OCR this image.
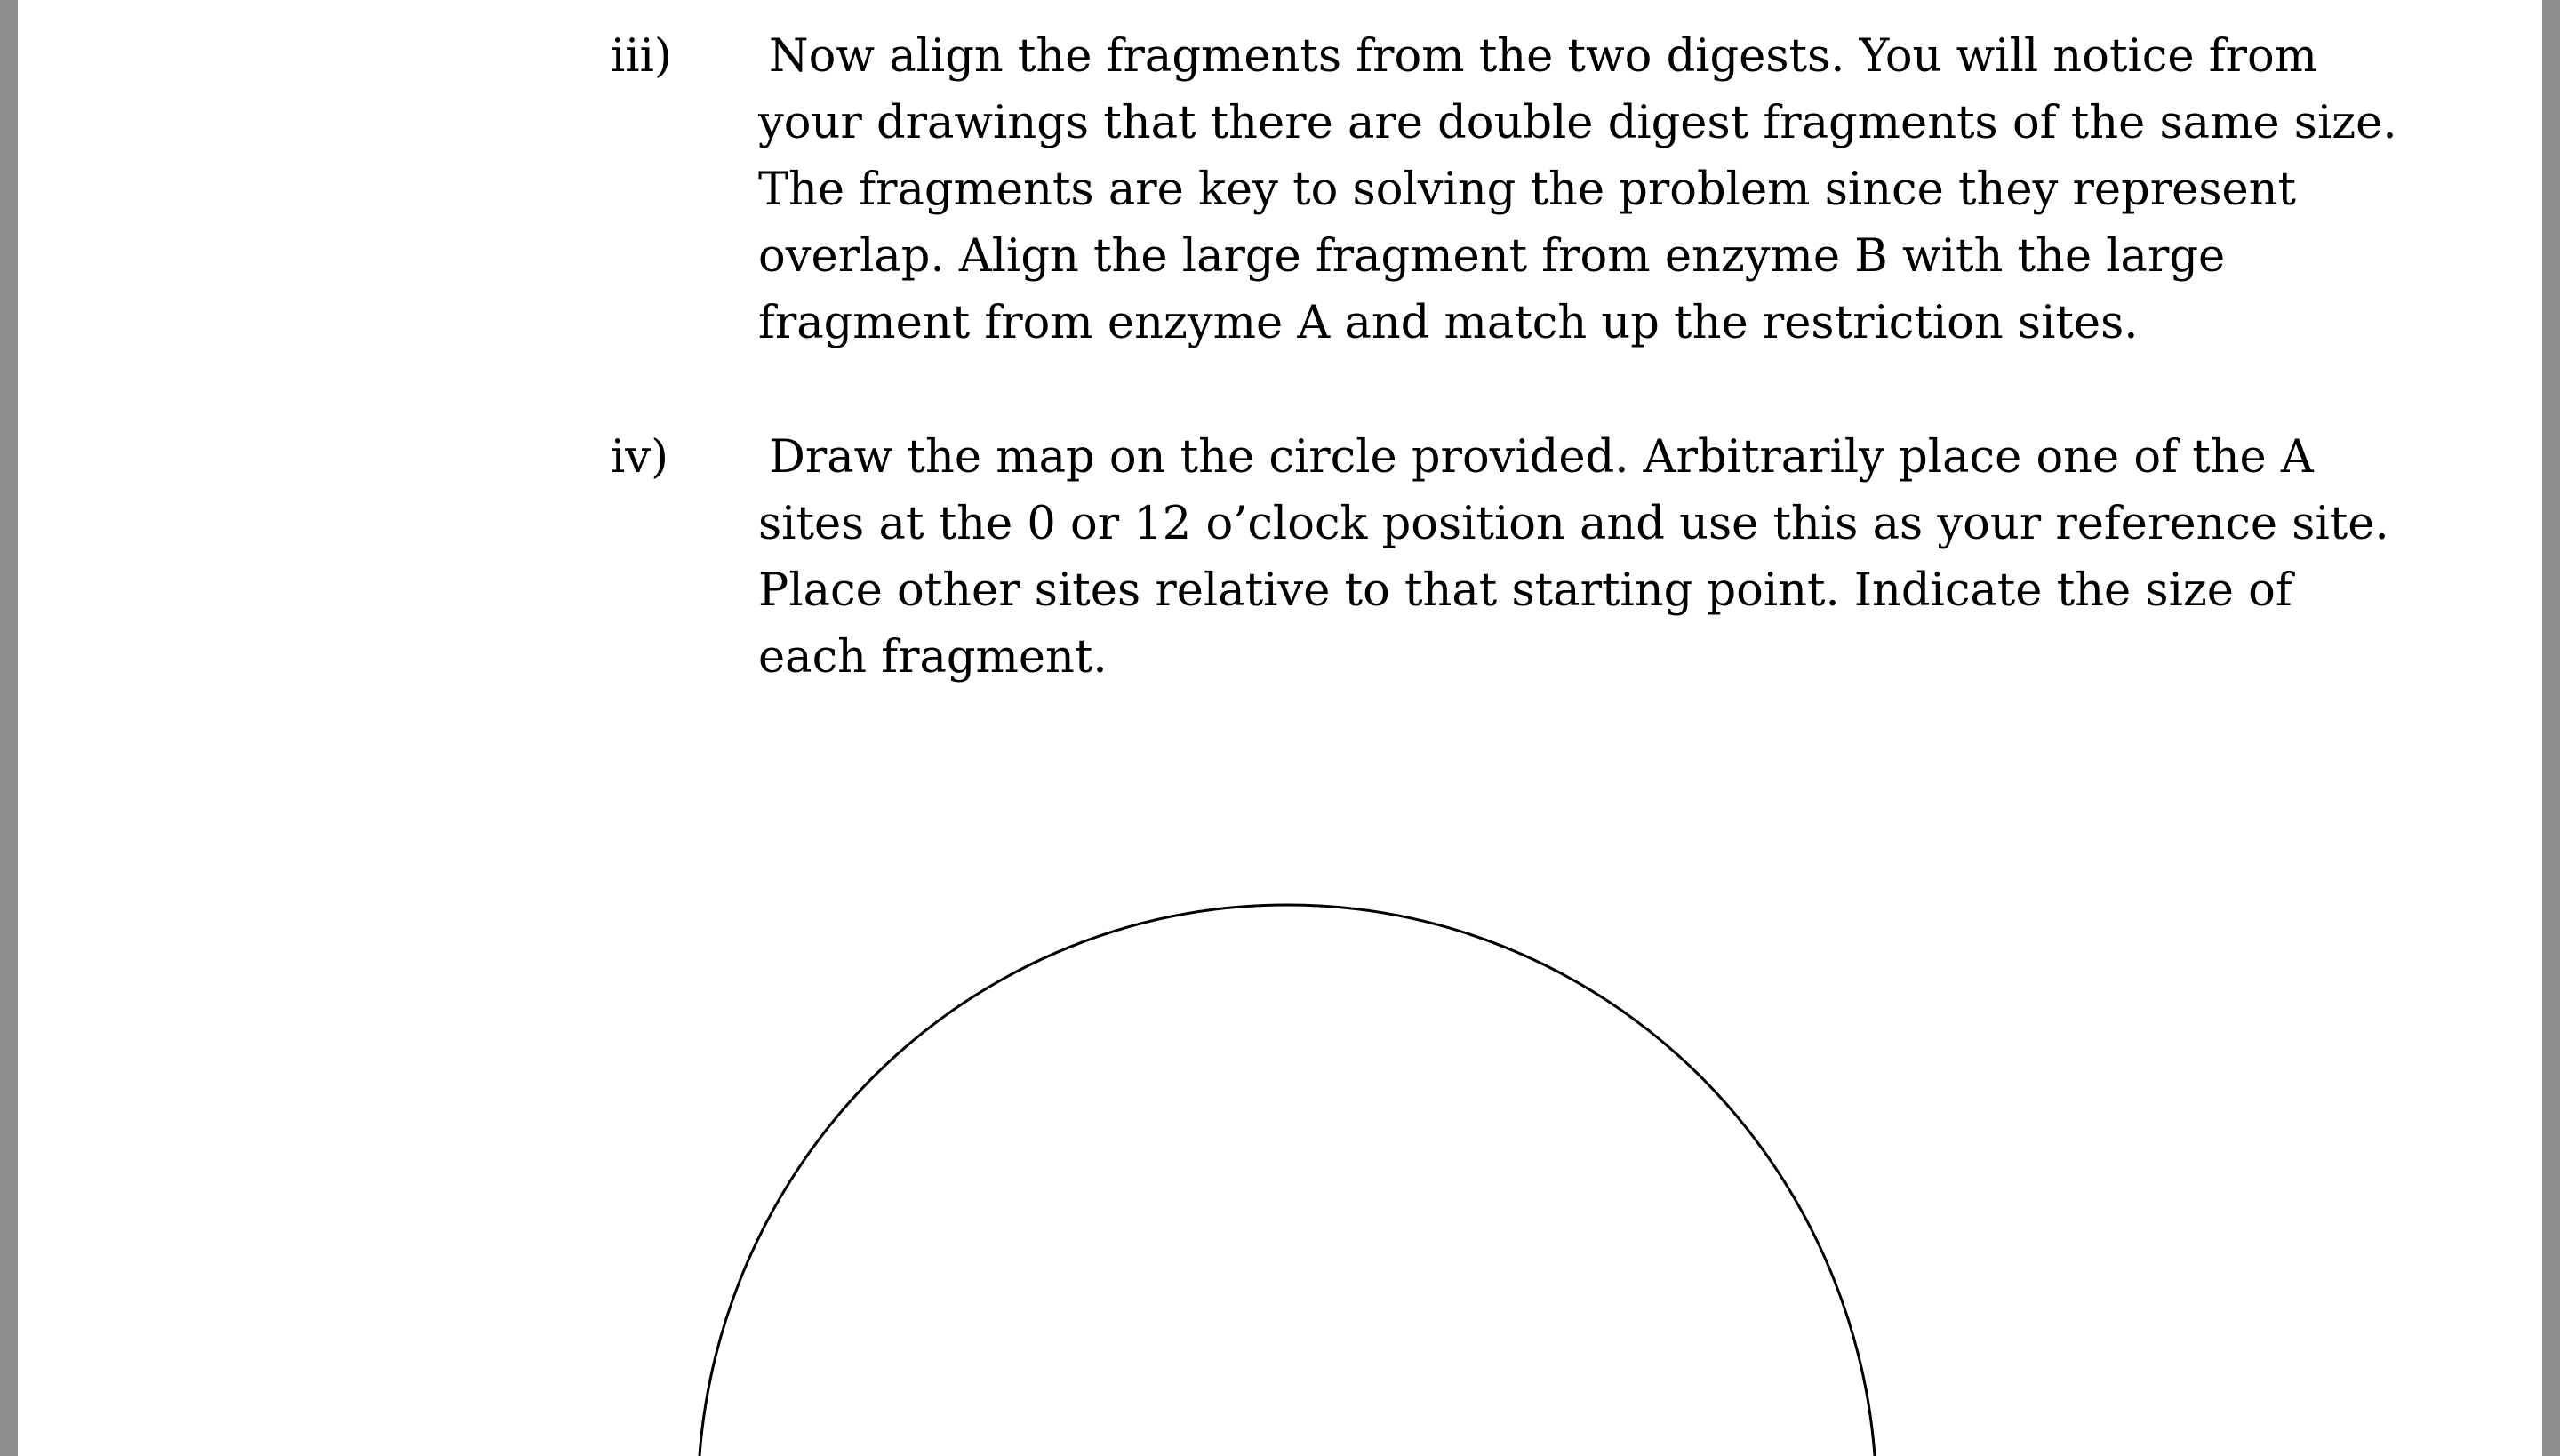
iii) Now align the fragments from the two digests. You will notice from
your drawings that there are double digest fragments of the same size.
The fragments are key to solving the problem since they represent
overlap. Align the large fragment from enzyme B with the large
fragment from enzyme A and match up the restriction sites.
iv) Draw the map on the circle provided. Arbitrarily place one of the A
sites at the 0 or 12 o’clock position and use this as your reference site.
Place other sites relative to that starting point. Indicate the size of
each fragment.
